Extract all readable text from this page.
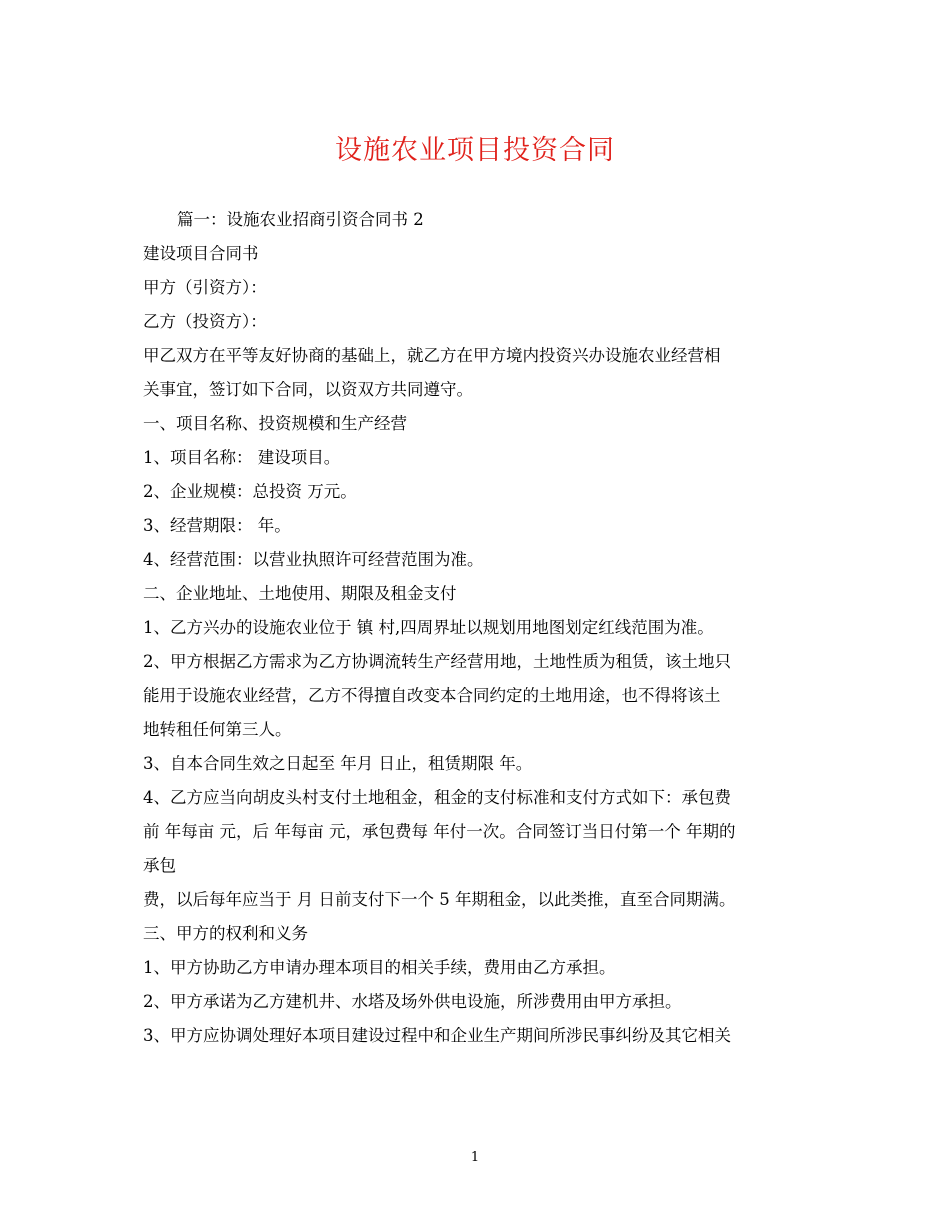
设施农业项目投资合同

篇一：设施农业招商引资合同书 2

建设项目合同书

甲方（引资方）：

乙方（投资方）：

甲乙双方在平等友好协商的基础上，就乙方在甲方境内投资兴办设施农业经营相

关事宜，签订如下合同，以资双方共同遵守。

一、项目名称、投资规模和生产经营

1、项目名称： 建设项目。

2、企业规模：总投资 万元。

3、经营期限： 年。

4、经营范围：以营业执照许可经营范围为准。

二、企业地址、土地使用、期限及租金支付

1、乙方兴办的设施农业位于 镇 村,四周界址以规划用地图划定红线范围为准。

2、甲方根据乙方需求为乙方协调流转生产经营用地，土地性质为租赁，该土地只

能用于设施农业经营，乙方不得擅自改变本合同约定的土地用途，也不得将该土

地转租任何第三人。

3、自本合同生效之日起至 年月 日止，租赁期限 年。

4、乙方应当向胡皮头村支付土地租金，租金的支付标准和支付方式如下：承包费

前 年每亩 元，后 年每亩 元，承包费每 年付一次。合同签订当日付第一个 年期的

承包

费，以后每年应当于 月 日前支付下一个 5 年期租金，以此类推，直至合同期满。

三、甲方的权利和义务

1、甲方协助乙方申请办理本项目的相关手续，费用由乙方承担。

2、甲方承诺为乙方建机井、水塔及场外供电设施，所涉费用由甲方承担。

3、甲方应协调处理好本项目建设过程中和企业生产期间所涉民事纠纷及其它相关

1
